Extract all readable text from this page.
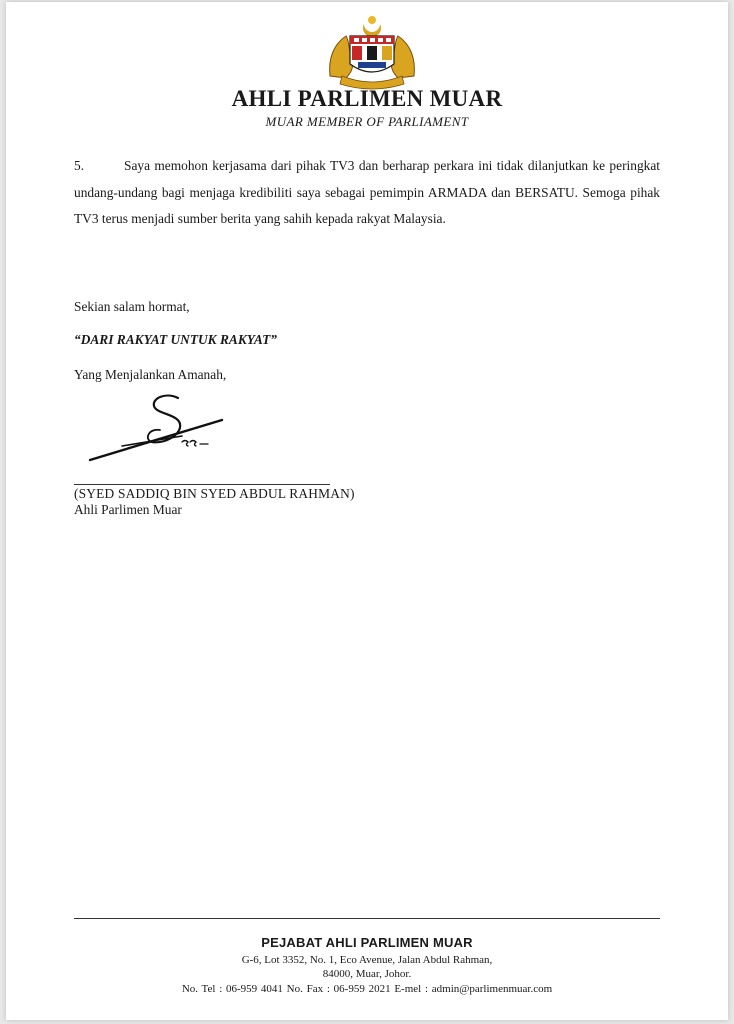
AHLI PARLIMEN MUAR
MUAR MEMBER OF PARLIAMENT
5.	Saya memohon kerjasama dari pihak TV3 dan berharap perkara ini tidak dilanjutkan ke peringkat undang-undang bagi menjaga kredibiliti saya sebagai pemimpin ARMADA dan BERSATU. Semoga pihak TV3 terus menjadi sumber berita yang sahih kepada rakyat Malaysia.
Sekian salam hormat,
“DARI RAKYAT UNTUK RAKYAT”
Yang Menjalankan Amanah,
(SYED SADDIQ BIN SYED ABDUL RAHMAN)
Ahli Parlimen Muar
PEJABAT AHLI PARLIMEN MUAR
G-6, Lot 3352, No. 1, Eco Avenue, Jalan Abdul Rahman,
84000, Muar, Johor.
No. Tel : 06-959 4041 No. Fax : 06-959 2021 E-mel : admin@parlimenmuar.com
